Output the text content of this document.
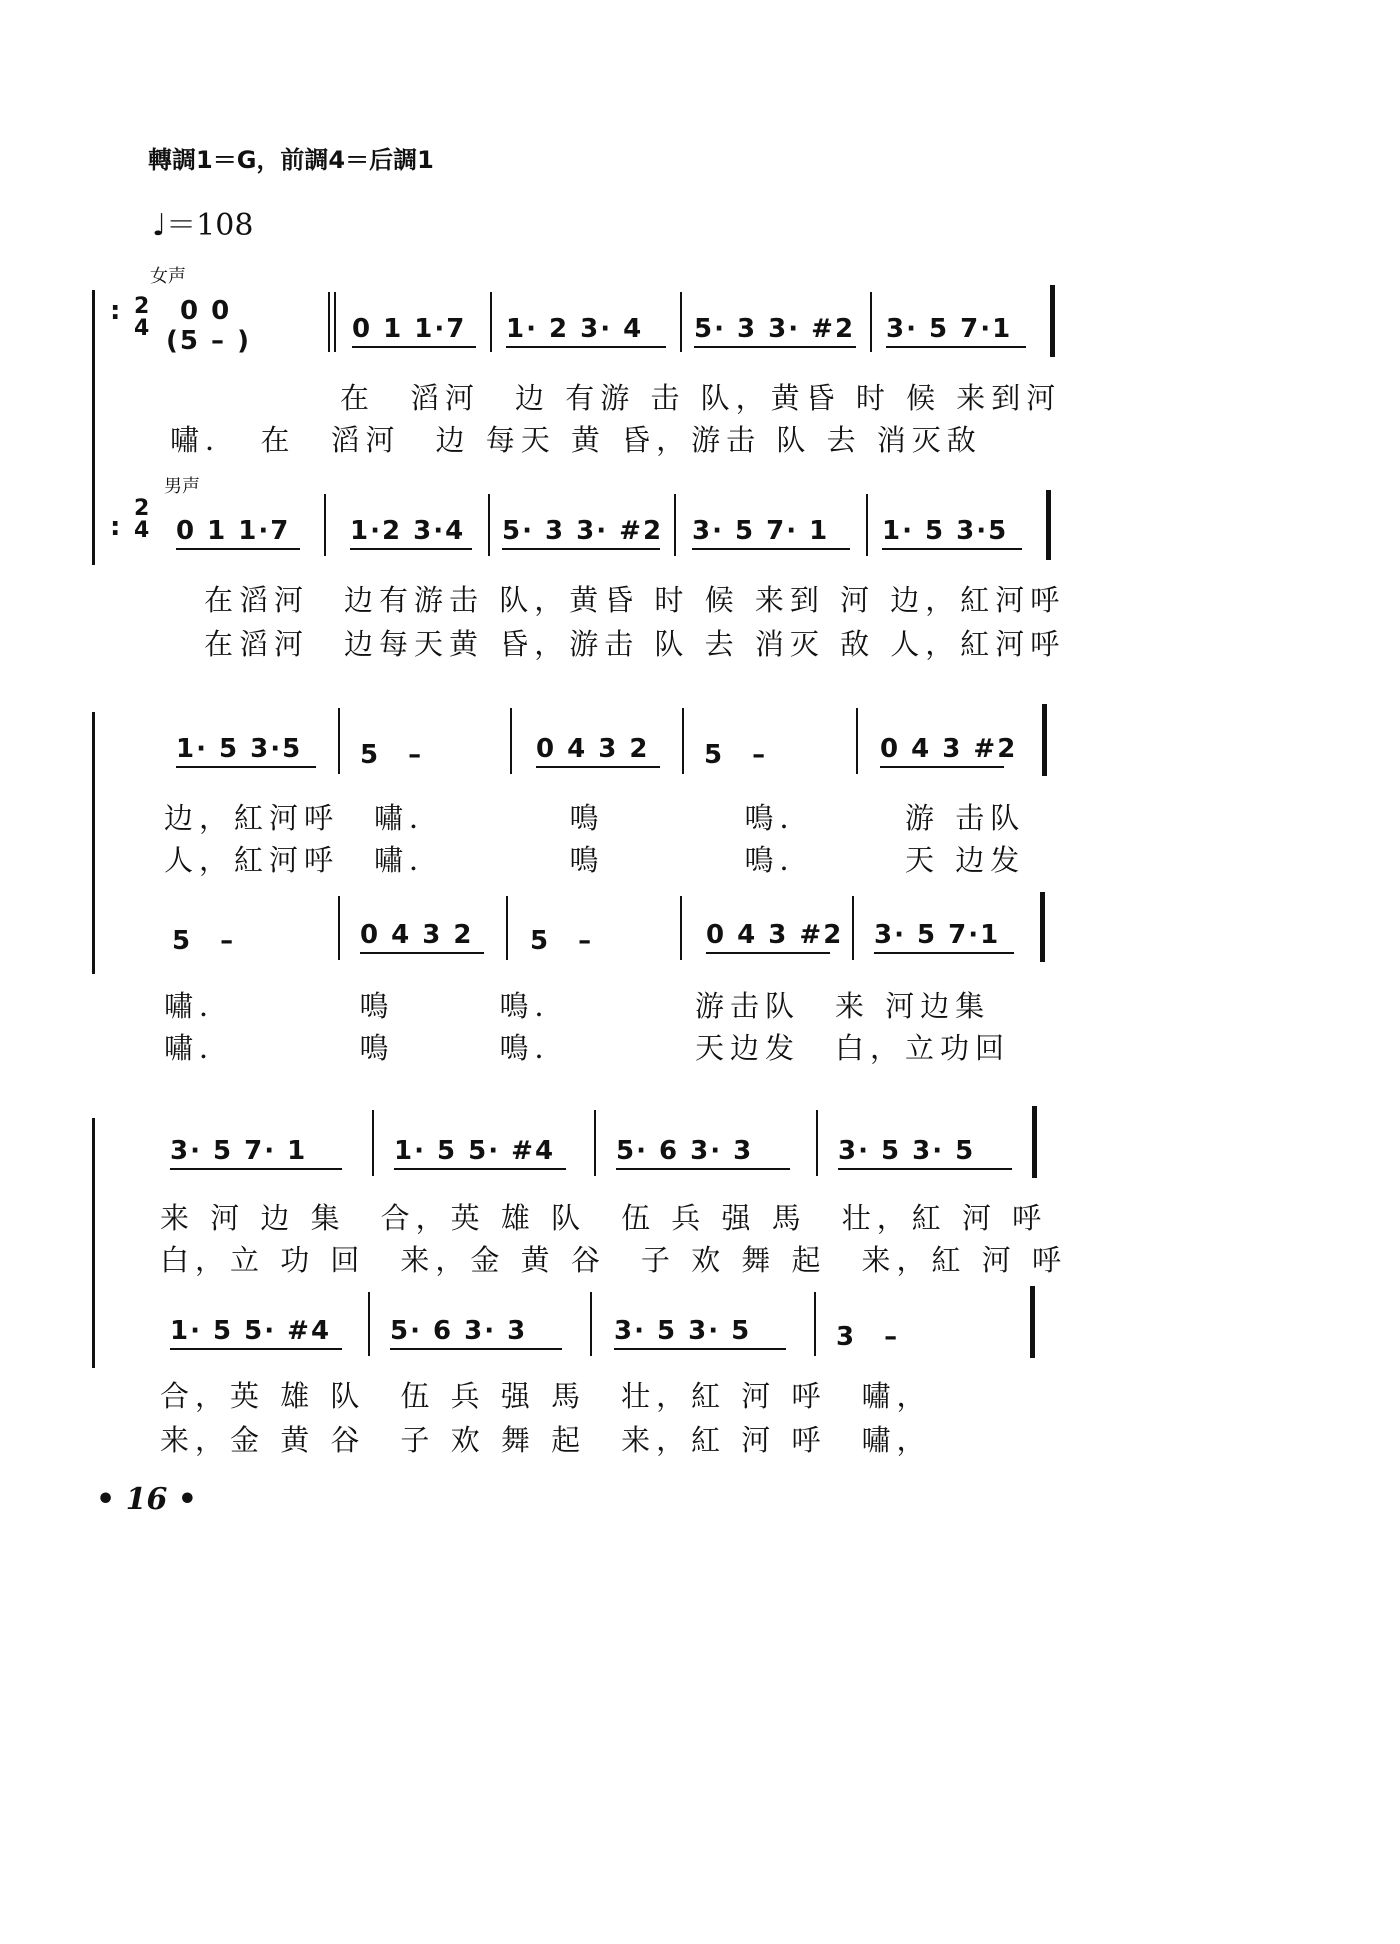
轉調1＝G，前調4＝后調1
♩＝108
女声
: 2
4
0 0
(5 – )	0 1 1·7 1· 2 3· 4 5· 3 3· #2 3· 5 7·1
在　滔河　边 有游 击 队，黄昏 时 候 来到河
嘯．　在　滔河　边 每天 黄 昏，游击 队 去 消灭敌
男声
:
2
4 0 1 1·7 1·2 3·4 5· 3 3· #2 3· 5 7· 1 1· 5 3·5
在滔河　边有游击 队，黄昏 时 候 来到 河 边，紅河呼
在滔河　边每天黄 昏，游击 队 去 消灭 敌 人，紅河呼
1· 5 3·5 5　–	0 4 3 2 5　–	0 4 3 #2
边，紅河呼　嘯．　　　　鳴　　　　鳴．　　　游 击队
人，紅河呼　嘯．　　　　鳴　　　　鳴．　　　天 边发
5　–	0 4 3 2 5　–	0 4 3 #2 3· 5 7·1
嘯．　　　　鳴　　　鳴．　　　　游击队　来 河边集
嘯．　　　　鳴　　　鳴．　　　　天边发　白，立功回
3· 5 7· 1	1· 5 5· #4 5· 6 3· 3	3· 5 3· 5
来 河 边 集　合，英 雄 队　伍 兵 强 馬　壮，紅 河 呼
白，立 功 回　来，金 黄 谷　子 欢 舞 起　来，紅 河 呼
1· 5 5· #4 5· 6 3· 3	3· 5 3· 5	3　–
合，英 雄 队　伍 兵 强 馬　壮，紅 河 呼　嘯，
来，金 黄 谷　子 欢 舞 起　来，紅 河 呼　嘯，
• 16 •
